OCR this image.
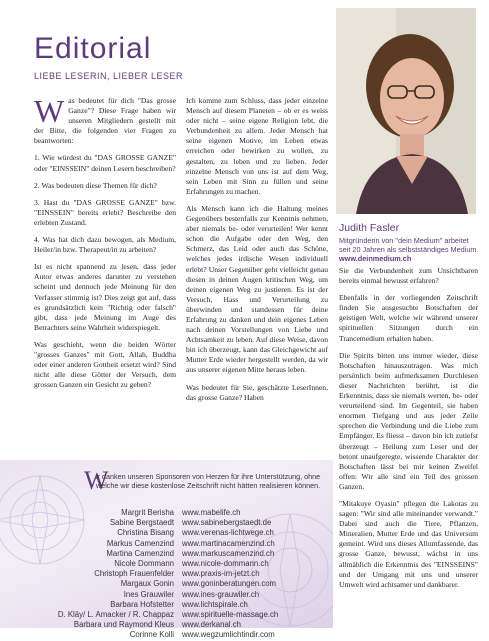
Editorial
LIEBE LESERIN, LIEBER LESER

Was bedeutet für dich "Das grosse Ganze"? Diese Frage haben wir unseren Mitgliedern gestellt mit der Bitte, die folgenden vier Fragen zu beantworten:

1. Wie würdest du "DAS GROSSE GANZE" oder "EINSSEIN" deinen Lesern beschreiben?

2. Was bedeuten diese Themen für dich?

3. Hast du "DAS GROSSE GANZE" bzw. "EINSSEIN" bereits erlebt? Beschreibe den erlebten Zustand.

4. Was hat dich dazu bewogen, als Medium, Heiler/in bzw. Therapeut/in zu arbeiten?

Ist es nicht spannend zu lesen, dass jeder Autor etwas anderes darunter zu verstehen scheint und dennoch jede Meinung für den Verfasser stimmig ist? Dies zeigt gut auf, dass es grundsätzlich kein "Richtig oder falsch" gibt, dass jede Meinung im Auge des Betrachters seine Wahrheit widerspiegelt.

Was geschieht, wenn die beiden Wörter "grosses Ganzes" mit Gott, Allah, Buddha oder einer anderen Gottheit ersetzt wird? Sind nicht alle diese Götter der Versuch, dem grossen Ganzen ein Gesicht zu geben?

Ich komme zum Schluss, dass jeder einzelne Mensch auf diesem Planeten – ob er es weiss oder nicht – seine eigene Religion lebt, die Verbundenheit zu allem. Jeder Mensch hat seine eigenen Motive, im Leben etwas erreichen oder bewirken zu wollen, zu gestalten, zu leben und zu lieben. Jeder einzelne Mensch von uns ist auf dem Weg, sein Leben mit Sinn zu füllen und seine Erfahrungen zu machen.

Als Mensch kann ich die Haltung meines Gegenübers bestenfalls zur Kenntnis nehmen, aber niemals be- oder verurteilen! Wer kennt schon die Aufgabe oder den Weg, den Schmerz, das Leid oder auch das Schöne, welches jedes irdische Wesen individuell erlebt? Unser Gegenüber geht vielleicht genau diesen in deinen Augen kritischen Weg, um deinen eigenen Weg zu justieren. Es ist der Versuch, Hass und Verurteilung zu überwinden und stattdessen für deine Erfahrung zu danken und dein eigenes Leben nach deinen Vorstellungen von Liebe und Achtsamkeit zu leben. Auf diese Weise, davon bin ich überzeugt, kann das Gleichgewicht auf Mutter Erde wieder hergestellt werden, da wir aus unserer eigenen Mitte heraus leben.

Was bedeutet für Sie, geschätzte LeserInnen, das grosse Ganze? Haben

Judith Fasler
Mitgründerin von "dein Medium" arbeitet seit 20 Jahren als selbstständiges Medium.
www.deinmedium.ch

Sie die Verbundenheit zum Unsichtbaren bereits einmal bewusst erfahren?

Ebenfalls in der vorliegenden Zeitschrift finden Sie ausgesuchte Botschaften der geistigen Welt, welche wir während unserer spirituellen Sitzungen durch ein Trancemedium erhalten haben.

Die Spirits bitten uns immer wieder, diese Botschaften hinauszutragen. Was mich persönlich beim aufmerksamen Durchlesen dieser Nachrichten berührt, ist die Erkenntnis, dass sie niemals werten, be- oder verurteilend sind. Im Gegenteil, sie haben enormen Tiefgang und aus jeder Zeile sprechen die Verbindung und die Liebe zum Empfänger. Es fliesst – davon bin ich zutiefst überzeugt – Heilung zum Leser und der betont unaufgeregte, wissende Charakter der Botschaften lässt bei mir keinen Zweifel offen: Wir alle sind ein Teil des grossen Ganzen.

"Mitakuye Oyasin" pflegen die Lakotas zu sagen: "Wir sind alle miteinander verwandt." Dabei sind auch die Tiere, Pflanzen, Mineralien, Mutter Erde und das Universum gemeint. Wird uns dieses Allumfassende, das grosse Ganze, bewusst, wächst in uns allmählich die Erkenntnis des "EINSSEINS" und der Umgang mit uns und unserer Umwelt wird achtsamer und dankbarer.

W
ir danken unseren Sponsoren von Herzen für ihre Unterstützung, ohne welche wir diese kostenlose Zeitschrift nicht hätten realisieren können.
Margrit Berisha	www.mabelife.ch
Sabine Bergstaedt	www.sabinebergstaedt.de
Christina Bisang	www.verenas-lichtwege.ch
Markus Camenzind	www.martinacamenzind.ch
Martina Camenzind	www.markuscamenzind.ch
Nicole Dommann	www.nicole-dommann.ch
Christoph Frauenfelder	www.praxis-im-jetzt.ch
Margaux Gonin	www.goninberatungen.com
Ines Grauwiler	www.ines-grauwiler.ch
Barbara Hofstetter	www.lichtspirale.ch
D. Kläy/ L. Amacker / R. Chappaz	www.spirituelle-massage.ch
Barbara und Raymond Kleus	www.derkanal.ch
Corinne Kolli	www.wegzumlichtindir.com
